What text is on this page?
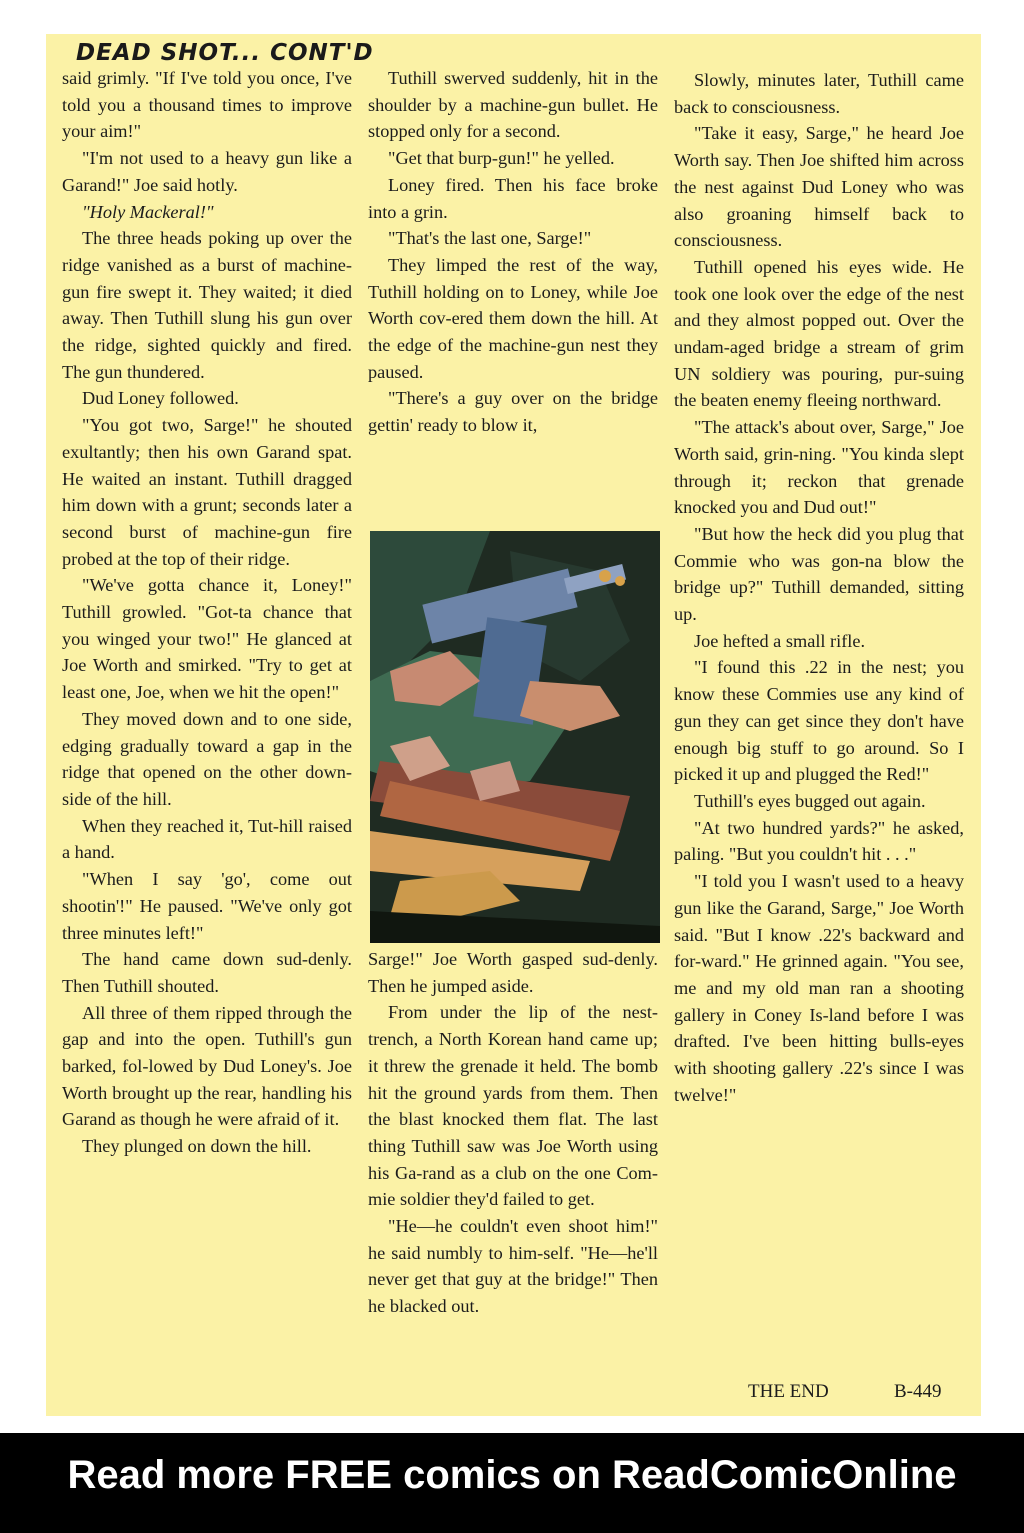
DEAD SHOT... CONT'D

said grimly. "If I've told you once, I've told you a thousand times to improve your aim!"

"I'm not used to a heavy gun like a Garand!" Joe said hotly.

"Holy Mackeral!"

The three heads poking up over the ridge vanished as a burst of machine-gun fire swept it. They waited; it died away. Then Tuthill slung his gun over the ridge, sighted quickly and fired. The gun thundered.

Dud Loney followed.

"You got two, Sarge!" he shouted exultantly; then his own Garand spat. He waited an instant. Tuthill dragged him down with a grunt; seconds later a second burst of machine-gun fire probed at the top of their ridge.

"We've gotta chance it, Loney!" Tuthill growled. "Got-ta chance that you winged your two!" He glanced at Joe Worth and smirked. "Try to get at least one, Joe, when we hit the open!"

They moved down and to one side, edging gradually toward a gap in the ridge that opened on the other down-side of the hill.

When they reached it, Tut-hill raised a hand.

"When I say 'go', come out shootin'!" He paused. "We've only got three minutes left!"

The hand came down sud-denly. Then Tuthill shouted.

All three of them ripped through the gap and into the open. Tuthill's gun barked, fol-lowed by Dud Loney's. Joe Worth brought up the rear, handling his Garand as though he were afraid of it.

They plunged on down the hill.

Tuthill swerved suddenly, hit in the shoulder by a machine-gun bullet. He stopped only for a second.

"Get that burp-gun!" he yelled.

Loney fired. Then his face broke into a grin.

"That's the last one, Sarge!"

They limped the rest of the way, Tuthill holding on to Loney, while Joe Worth cov-ered them down the hill. At the edge of the machine-gun nest they paused.

"There's a guy over on the bridge gettin' ready to blow it,

Sarge!" Joe Worth gasped sud-denly. Then he jumped aside.

From under the lip of the nest-trench, a North Korean hand came up; it threw the grenade it held. The bomb hit the ground yards from them. Then the blast knocked them flat. The last thing Tuthill saw was Joe Worth using his Ga-rand as a club on the one Com-mie soldier they'd failed to get.

"He—he couldn't even shoot him!" he said numbly to him-self. "He—he'll never get that guy at the bridge!" Then he blacked out.

Slowly, minutes later, Tuthill came back to consciousness.

"Take it easy, Sarge," he heard Joe Worth say. Then Joe shifted him across the nest against Dud Loney who was also groaning himself back to consciousness.

Tuthill opened his eyes wide. He took one look over the edge of the nest and they almost popped out. Over the undam-aged bridge a stream of grim UN soldiery was pouring, pur-suing the beaten enemy fleeing northward.

"The attack's about over, Sarge," Joe Worth said, grin-ning. "You kinda slept through it; reckon that grenade knocked you and Dud out!"

"But how the heck did you plug that Commie who was gon-na blow the bridge up?" Tuthill demanded, sitting up.

Joe hefted a small rifle.

"I found this .22 in the nest; you know these Commies use any kind of gun they can get since they don't have enough big stuff to go around. So I picked it up and plugged the Red!"

Tuthill's eyes bugged out again.

"At two hundred yards?" he asked, paling. "But you couldn't hit . . ."

"I told you I wasn't used to a heavy gun like the Garand, Sarge," Joe Worth said. "But I know .22's backward and for-ward." He grinned again. "You see, me and my old man ran a shooting gallery in Coney Is-land before I was drafted. I've been hitting bulls-eyes with shooting gallery .22's since I was twelve!"

THE END	B-449
Read more FREE comics on ReadComicOnline
